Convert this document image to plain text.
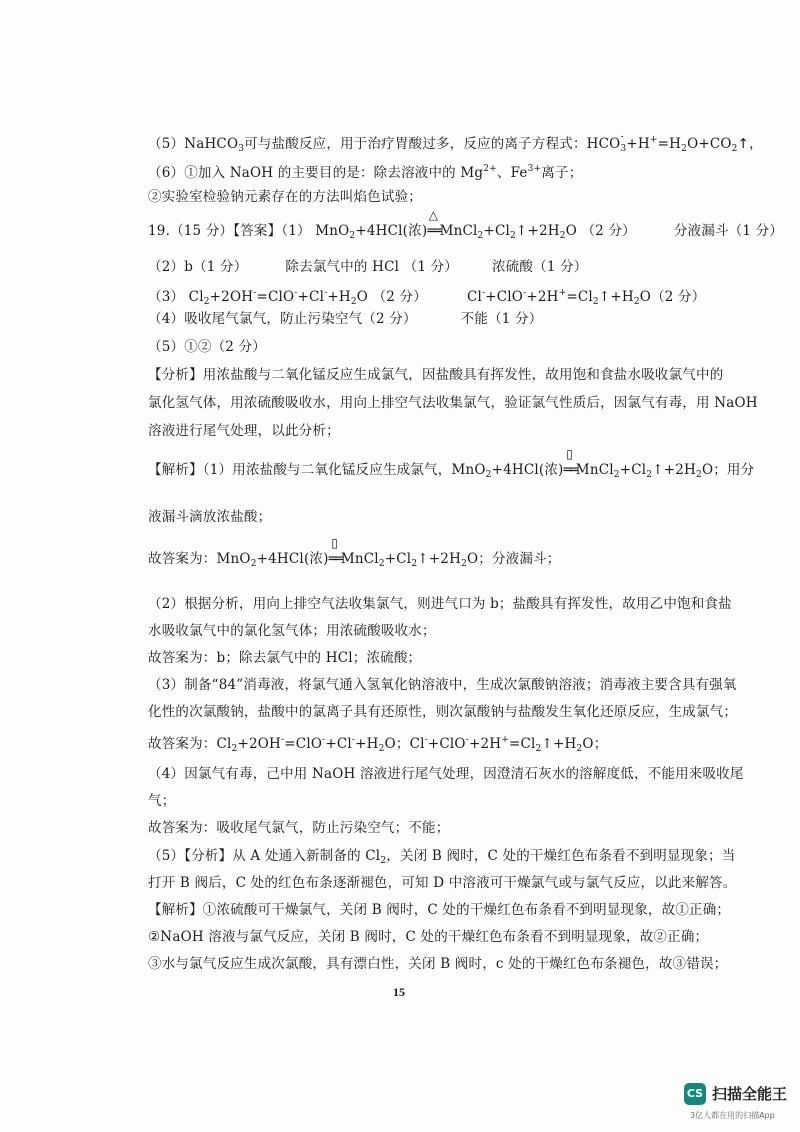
（5）NaHCO$_3$可与盐酸反应，用于治疗胃酸过多，反应的离子方程式：HCO -
$_3+H^+=H_2O+CO_2↑$，
（6）①加入 NaOH 的主要目的是：除去溶液中的 $Mg^{2+}$、$Fe^{3+}$离子；
②实验室检验钠元素存在的方法叫焰色试验；
19.（15 分）【答案】（1） MnO$_2$+4HCl(浓)
△
$══MnCl_2+Cl_2↑+2H_2O$ （2 分）	分液漏斗（1 分）
（2）b（1 分）	除去氯气中的 HCl （1 分）	浓硫酸（1 分）
（3） $Cl_2+2OH^-=ClO^-+Cl^-+H_2O$ （2 分）	$Cl^-+ClO^-+2H^+=Cl_2↑+H_2O(2$ 分）
（4）吸收尾气氯气，防止污染空气（2 分）	不能（1 分）
（5）①②（2 分）
【分析】用浓盐酸与二氧化锰反应生成氯气，因盐酸具有挥发性，故用饱和食盐水吸收氯气中的
氯化氢气体，用浓硫酸吸收水，用向上排空气法收集氯气，验证氯气性质后，因氯气有毒，用 NaOH
溶液进行尾气处理，以此分析；
【解析】（1）用浓盐酸与二氧化锰反应生成氯气，MnO$_2$+4HCl(浓)
▯
$══MnCl_2+Cl_2↑+2H_2O$；用分
液漏斗滴放浓盐酸；
故答案为：MnO$_2$+4HCl(浓)
▯
$══MnCl_2+Cl_2↑+2H_2O$；分液漏斗；
（2）根据分析，用向上排空气法收集氯气，则进气口为 b；盐酸具有挥发性，故用乙中饱和食盐
水吸收氯气中的氯化氢气体；用浓硫酸吸收水；
故答案为：b；除去氯气中的 HCl；浓硫酸；
（3）制备“84”消毒液，将氯气通入氢氧化钠溶液中，生成次氯酸钠溶液；消毒液主要含具有强氧
化性的次氯酸钠，盐酸中的氯离子具有还原性，则次氯酸钠与盐酸发生氧化还原反应，生成氯气；
故答案为：$Cl_2+2OH^-=ClO^-+Cl^-+H_2O$；$Cl^-+ClO^-+2H^+=Cl_2↑+H_2O$；
（4）因氯气有毒，己中用 NaOH 溶液进行尾气处理，因澄清石灰水的溶解度低，不能用来吸收尾
气；
故答案为：吸收尾气氯气，防止污染空气；不能；
（5）【分析】从 A 处通入新制备的 $Cl_2$，关闭 B 阀时，C 处的干燥红色布条看不到明显现象；当
打开 B 阀后，C 处的红色布条逐渐褪色，可知 D 中溶液可干燥氯气或与氯气反应，以此来解答。
【解析】①浓硫酸可干燥氯气，关闭 B 阀时，C 处的干燥红色布条看不到明显现象，故①正确；
②NaOH 溶液与氯气反应，关闭 B 阀时，C 处的干燥红色布条看不到明显现象，故②正确；
③水与氯气反应生成次氯酸，具有漂白性，关闭 B 阀时，c 处的干燥红色布条褪色，故③错误；
15
CS 扫描全能王
3亿人都在用的扫描App
